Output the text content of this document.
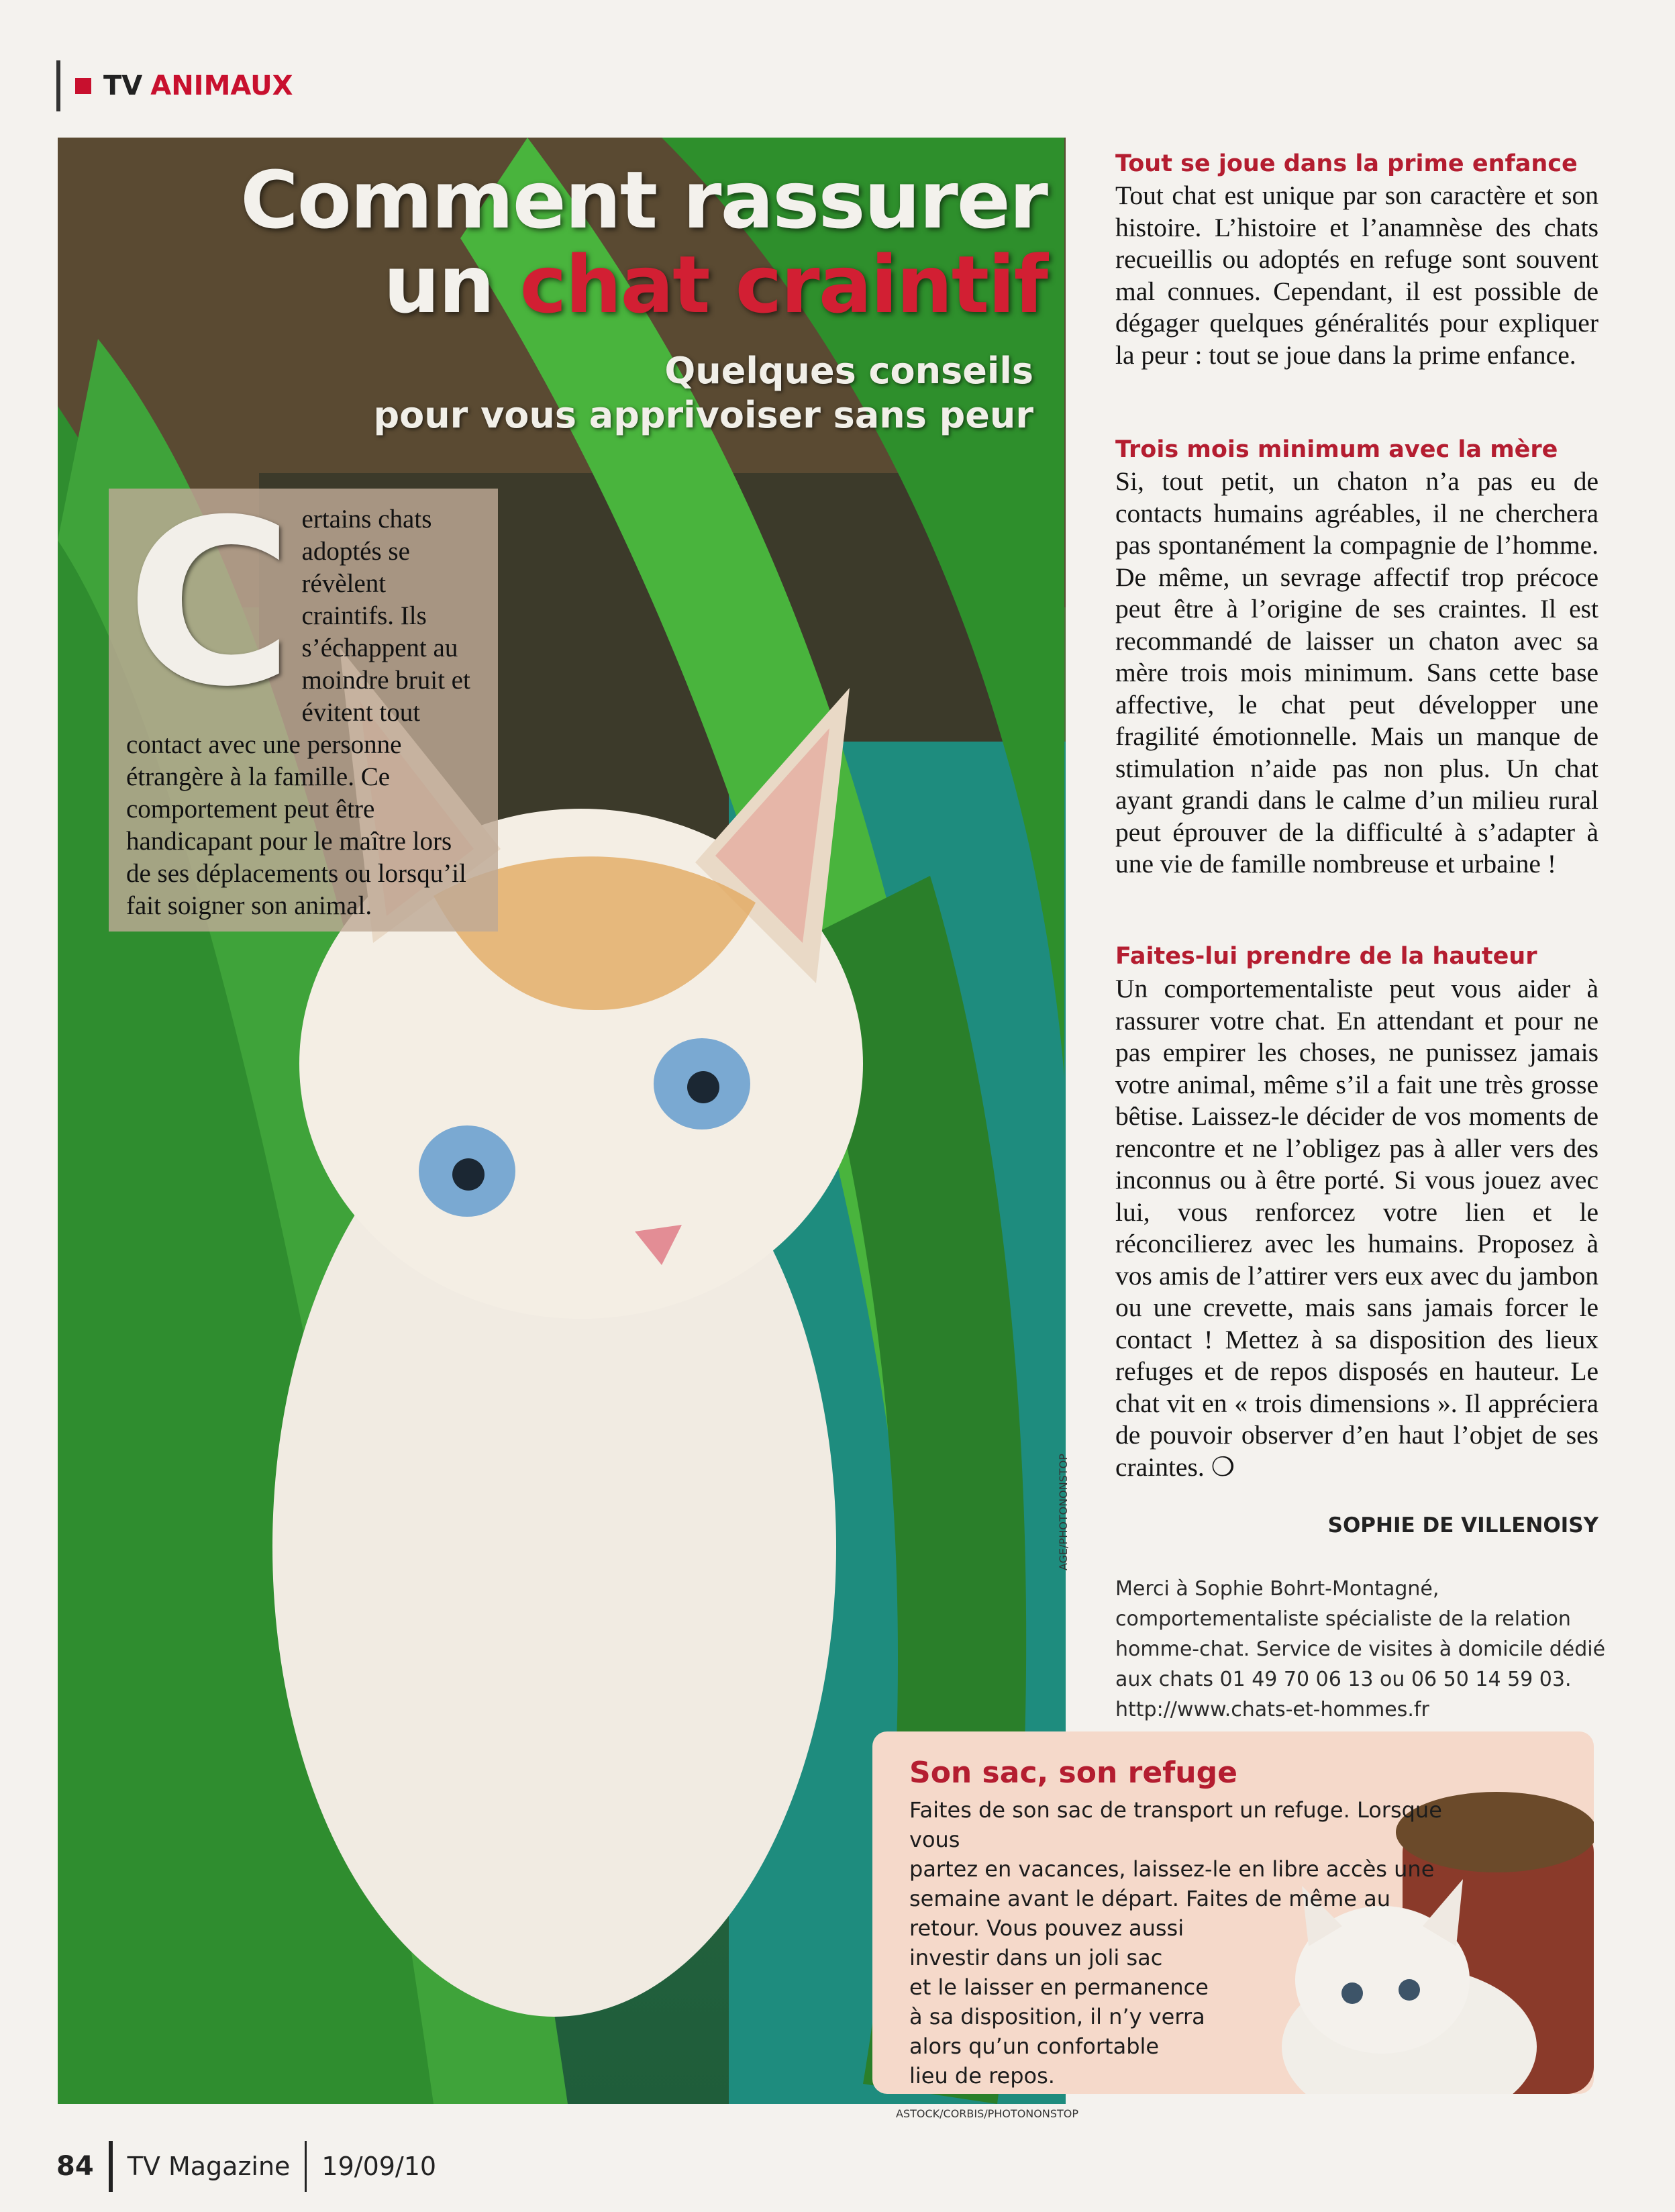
TV ANIMAUX
AGE/PHOTONONSTOP
Comment rassurer
un chat craintif
Quelques conseils
pour vous apprivoiser sans peur
C ertains chats adoptés se révèlent craintifs. Ils s’échappent au moindre bruit et évitent tout contact avec une personne étrangère à la famille. Ce comportement peut être handicapant pour le maître lors de ses déplacements ou lorsqu’il fait soigner son animal.

Tout se joue dans la prime enfance

Tout chat est unique par son caractère et son histoire. L’histoire et l’anamnèse des chats recueillis ou adoptés en refuge sont souvent mal connues. Cependant, il est possible de dégager quelques généralités pour expliquer la peur : tout se joue dans la prime enfance.

Trois mois minimum avec la mère

Si, tout petit, un chaton n’a pas eu de contacts humains agréables, il ne cherchera pas spontanément la compagnie de l’homme. De même, un sevrage affectif trop précoce peut être à l’origine de ses craintes. Il est recommandé de laisser un chaton avec sa mère trois mois minimum. Sans cette base affective, le chat peut développer une fragilité émotionnelle. Mais un manque de stimulation n’aide pas non plus. Un chat ayant grandi dans le calme d’un milieu rural peut éprouver de la difficulté à s’adapter à une vie de famille nombreuse et urbaine !

Faites-lui prendre de la hauteur

Un comportementaliste peut vous aider à rassurer votre chat. En attendant et pour ne pas empirer les choses, ne punissez jamais votre animal, même s’il a fait une très grosse bêtise. Laissez-le décider de vos moments de rencontre et ne l’obligez pas à aller vers des inconnus ou à être porté. Si vous jouez avec lui, vous renforcez votre lien et le réconcilierez avec les humains. Proposez à vos amis de l’attirer vers eux avec du jambon ou une crevette, mais sans jamais forcer le contact ! Mettez à sa disposition des lieux refuges et de repos disposés en hauteur. Le chat vit en « trois dimensions ». Il appréciera de pouvoir observer d’en haut l’objet de ses craintes. ❍

SOPHIE DE VILLENOISY
Merci à Sophie Bohrt-Montagné, comportementaliste spécialiste de la relation homme-chat. Service de visites à domicile dédié aux chats 01 49 70 06 13 ou 06 50 14 59 03. http://www.chats-et-hommes.fr
Son sac, son refuge
Faites de son sac de transport un refuge. Lorsque vous
partez en vacances, laissez-le en libre accès une
semaine avant le départ. Faites de même au
retour. Vous pouvez aussi
investir dans un joli sac
et le laisser en permanence
à sa disposition, il n’y verra
alors qu’un confortable
lieu de repos.
ASTOCK/CORBIS/PHOTONONSTOP
84 TV Magazine 19/09/10
